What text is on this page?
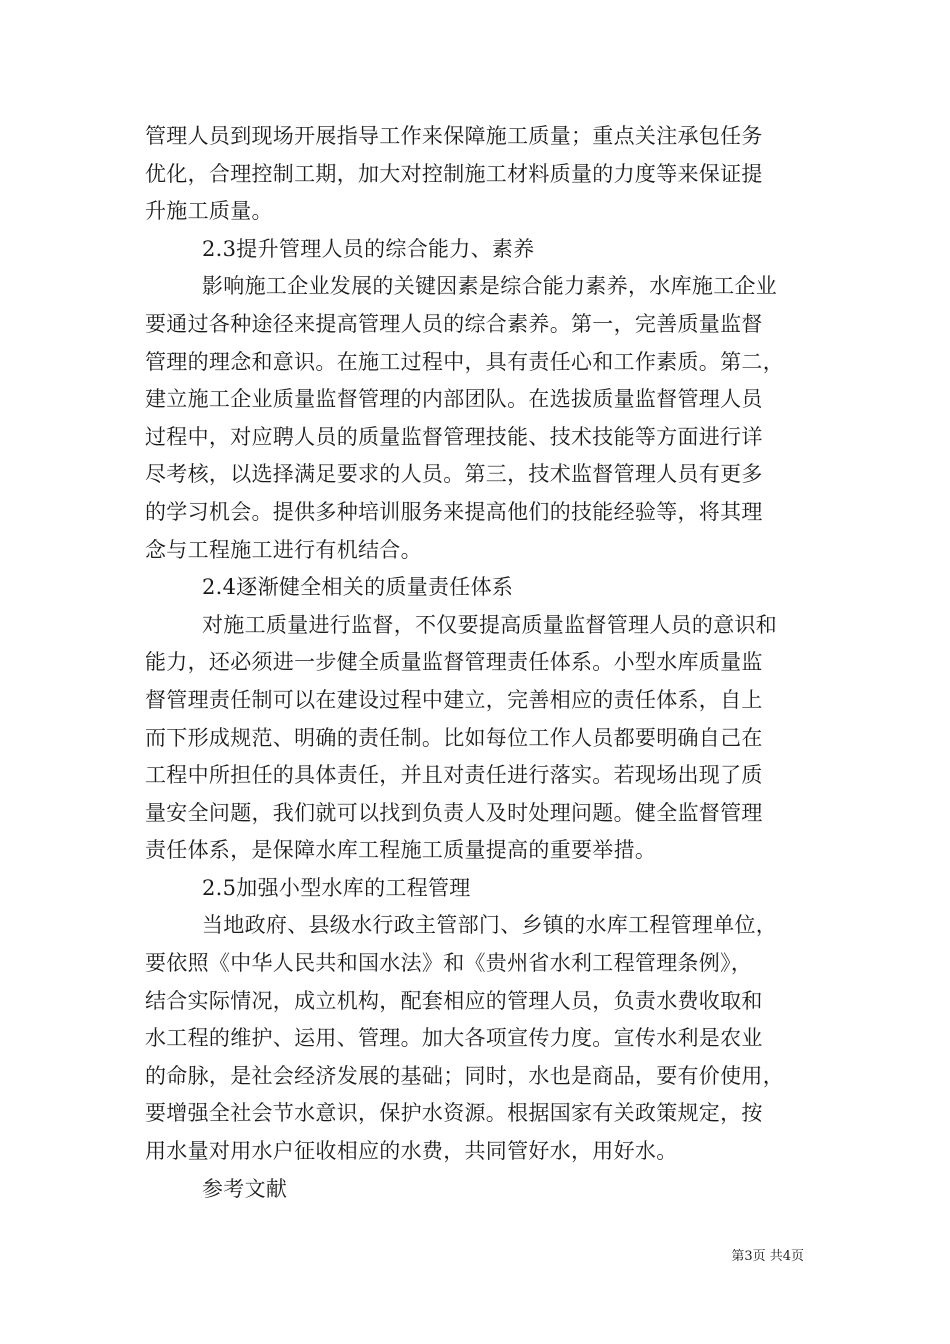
管理人员到现场开展指导工作来保障施工质量；重点关注承包任务
优化，合理控制工期，加大对控制施工材料质量的力度等来保证提
升施工质量。
2.3提升管理人员的综合能力、素养
影响施工企业发展的关键因素是综合能力素养，水库施工企业
要通过各种途径来提高管理人员的综合素养。第一，完善质量监督
管理的理念和意识。在施工过程中，具有责任心和工作素质。第二，
建立施工企业质量监督管理的内部团队。在选拔质量监督管理人员
过程中，对应聘人员的质量监督管理技能、技术技能等方面进行详
尽考核，以选择满足要求的人员。第三，技术监督管理人员有更多
的学习机会。提供多种培训服务来提高他们的技能经验等，将其理
念与工程施工进行有机结合。
2.4逐渐健全相关的质量责任体系
对施工质量进行监督，不仅要提高质量监督管理人员的意识和
能力，还必须进一步健全质量监督管理责任体系。小型水库质量监
督管理责任制可以在建设过程中建立，完善相应的责任体系，自上
而下形成规范、明确的责任制。比如每位工作人员都要明确自己在
工程中所担任的具体责任，并且对责任进行落实。若现场出现了质
量安全问题，我们就可以找到负责人及时处理问题。健全监督管理
责任体系，是保障水库工程施工质量提高的重要举措。
2.5加强小型水库的工程管理
当地政府、县级水行政主管部门、乡镇的水库工程管理单位，
要依照《中华人民共和国水法》和《贵州省水利工程管理条例》，
结合实际情况，成立机构，配套相应的管理人员，负责水费收取和
水工程的维护、运用、管理。加大各项宣传力度。宣传水利是农业
的命脉，是社会经济发展的基础；同时，水也是商品，要有价使用，
要增强全社会节水意识，保护水资源。根据国家有关政策规定，按
用水量对用水户征收相应的水费，共同管好水，用好水。
参考文献
第3页 共4页
